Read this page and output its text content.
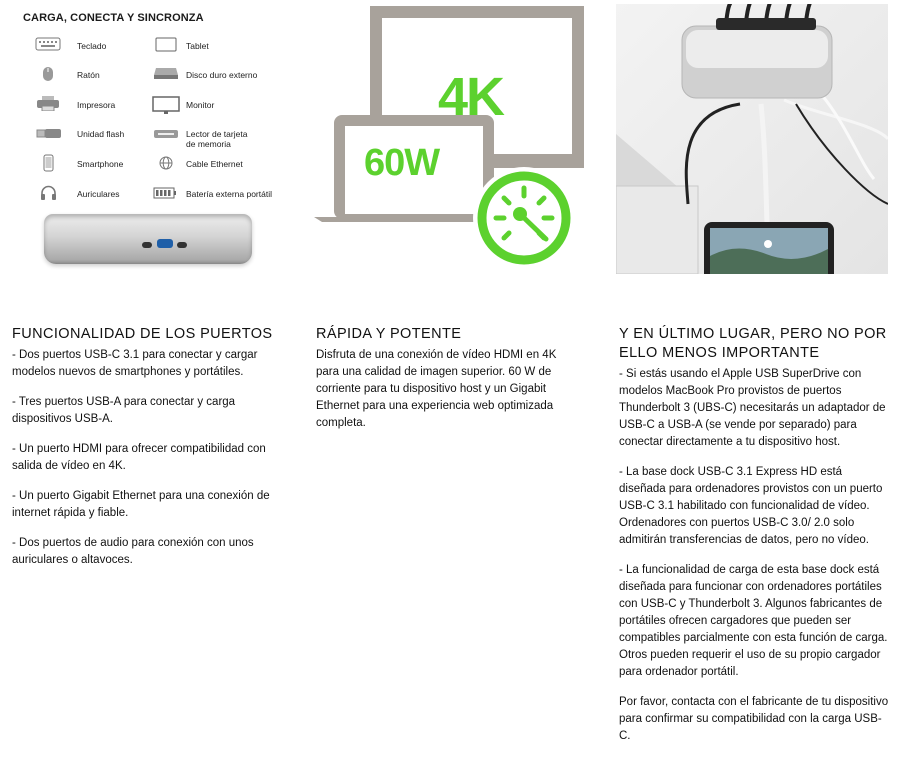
CARGA, CONECTA Y SINCRONZA
Teclado
Ratón
Impresora
Unidad flash
Smartphone
Auriculares
Tablet
Disco duro externo
Monitor
Lector de tarjeta
de memoria
Cable Ethernet
Batería externa portátil
4K
60W
FUNCIONALIDAD DE LOS PUERTOS

- Dos puertos USB-C 3.1 para conectar y cargar modelos nuevos de smartphones y portátiles.

- Tres puertos USB-A para conectar y carga dispositivos USB-A.

- Un puerto HDMI para ofrecer compatibilidad con salida de vídeo en 4K.

- Un puerto Gigabit Ethernet para una conexión de internet rápida y fiable.

- Dos puertos de audio para conexión con unos auriculares o altavoces.

RÁPIDA Y POTENTE

Disfruta de una conexión de vídeo HDMI en 4K para una calidad de imagen superior. 60 W de corriente para tu dispositivo host y un Gigabit Ethernet para una experiencia web optimizada completa.

Y EN ÚLTIMO LUGAR, PERO NO POR ELLO MENOS IMPORTANTE

- Si estás usando el Apple USB SuperDrive con modelos MacBook Pro provistos de puertos Thunderbolt 3 (UBS-C) necesitarás un adaptador de USB-C a USB-A (se vende por separado) para conectar directamente a tu dispositivo host.

- La base dock USB-C 3.1 Express HD está diseñada para ordenadores provistos con un puerto USB-C 3.1 habilitado con funcionalidad de vídeo. Ordenadores con puertos USB-C 3.0/ 2.0 solo admitirán transferencias de datos, pero no vídeo.

- La funcionalidad de carga de esta base dock está diseñada para funcionar con ordenadores portátiles con USB-C y Thunderbolt 3. Algunos fabricantes de portátiles ofrecen cargadores que pueden ser compatibles parcialmente con esta función de carga. Otros pueden requerir el uso de su propio cargador para ordenador portátil.

Por favor, contacta con el fabricante de tu dispositivo para confirmar su compatibilidad con la carga USB-C.
